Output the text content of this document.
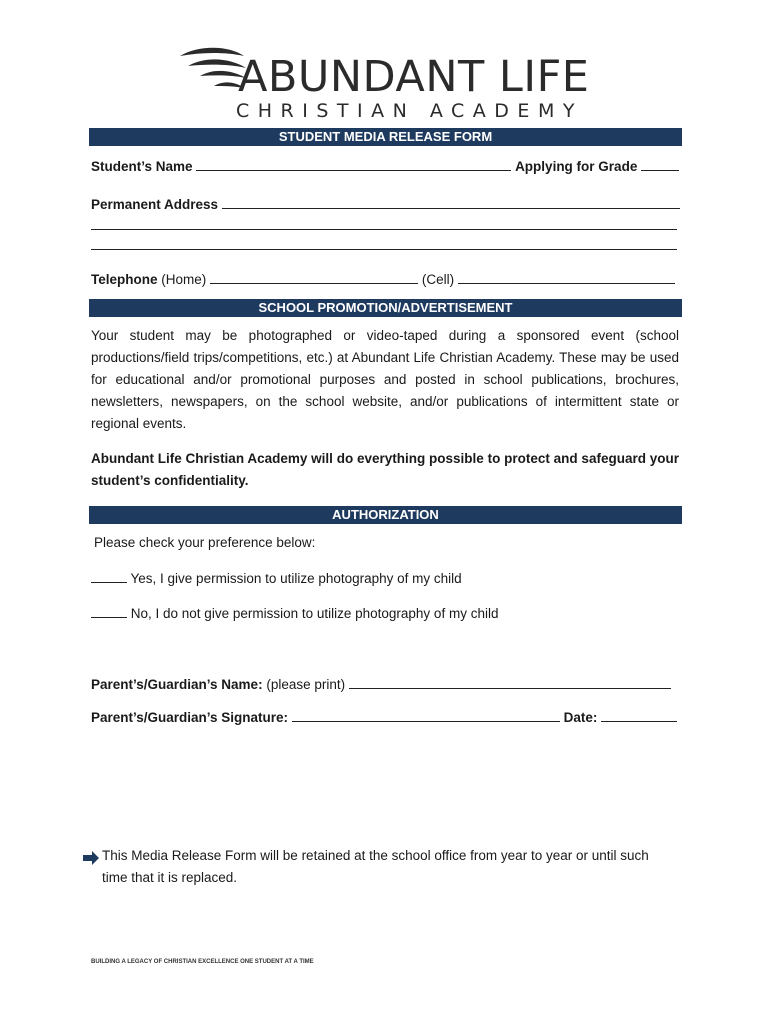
ABUNDANT LIFE
CHRISTIAN ACADEMY
STUDENT MEDIA RELEASE FORM
Student’s Name	Applying for Grade
Permanent Address
Telephone (Home)	(Cell)
SCHOOL PROMOTION/ADVERTISEMENT
Your student may be photographed or video-taped during a sponsored event (school productions/field trips/competitions, etc.) at Abundant Life Christian Academy. These may be used for educational and/or promotional purposes and posted in school publications, brochures, newsletters, newspapers, on the school website, and/or publications of intermittent state or regional events.
Abundant Life Christian Academy will do everything possible to protect and safeguard your student’s confidentiality.
AUTHORIZATION
Please check your preference below:
Yes, I give permission to utilize photography of my child
No, I do not give permission to utilize photography of my child
Parent’s/Guardian’s Name: (please print)
Parent’s/Guardian’s Signature:	Date:
This Media Release Form will be retained at the school office from year to year or until such time that it is replaced.
BUILDING A LEGACY OF CHRISTIAN EXCELLENCE ONE STUDENT AT A TIME
